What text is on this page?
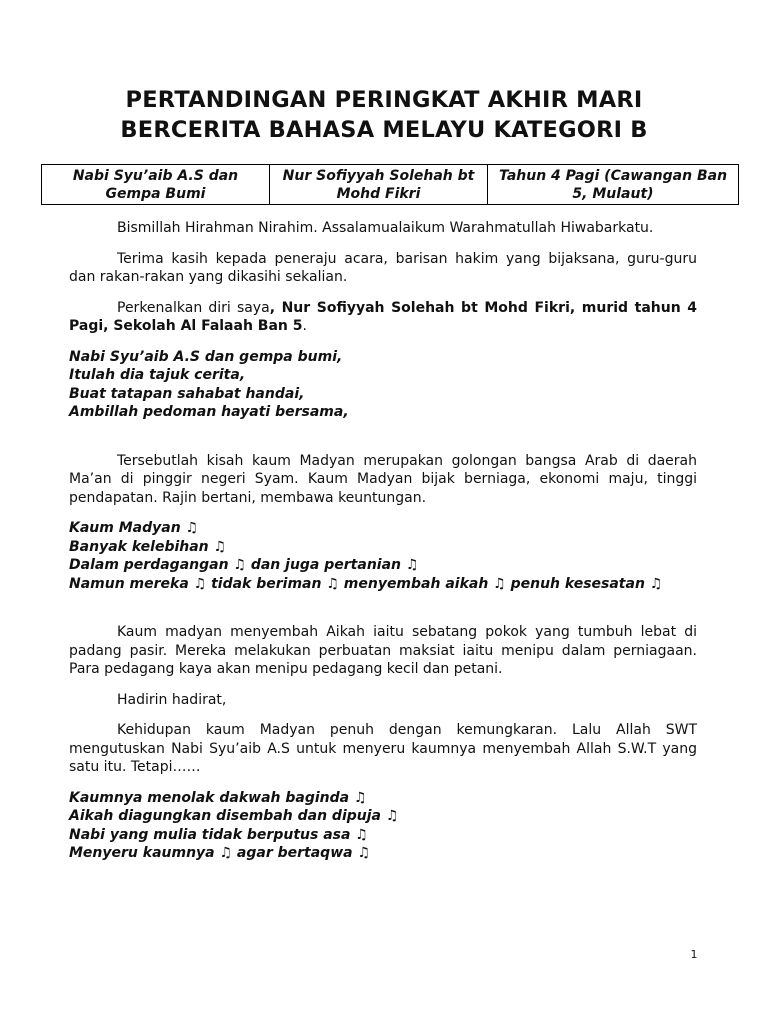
PERTANDINGAN PERINGKAT AKHIR MARI
BERCERITA BAHASA MELAYU KATEGORI B
Nabi Syu’aib A.S dan Gempa Bumi	Nur Sofiyyah Solehah bt Mohd Fikri	Tahun 4 Pagi (Cawangan Ban 5, Mulaut)

Bismillah Hirahman Nirahim. Assalamualaikum Warahmatullah Hiwabarkatu.

Terima kasih kepada peneraju acara, barisan hakim yang bijaksana, guru-guru dan rakan-rakan yang dikasihi sekalian.

Perkenalkan diri saya, Nur Sofiyyah Solehah bt Mohd Fikri, murid tahun 4 Pagi, Sekolah Al Falaah Ban 5.

Nabi Syu’aib A.S dan gempa bumi,
Itulah dia tajuk cerita,
Buat tatapan sahabat handai,
Ambillah pedoman hayati bersama,

Tersebutlah kisah kaum Madyan merupakan golongan bangsa Arab di daerah Ma’an di pinggir negeri Syam. Kaum Madyan bijak berniaga, ekonomi maju, tinggi pendapatan. Rajin bertani, membawa keuntungan.

Kaum Madyan ♫
Banyak kelebihan ♫
Dalam perdagangan ♫ dan juga pertanian ♫
Namun mereka ♫ tidak beriman ♫ menyembah aikah ♫ penuh kesesatan ♫

Kaum madyan menyembah Aikah iaitu sebatang pokok yang tumbuh lebat di padang pasir. Mereka melakukan perbuatan maksiat iaitu menipu dalam perniagaan. Para pedagang kaya akan menipu pedagang kecil dan petani.

Hadirin hadirat,

Kehidupan kaum Madyan penuh dengan kemungkaran. Lalu Allah SWT mengutuskan Nabi Syu’aib A.S untuk menyeru kaumnya menyembah Allah S.W.T yang satu itu. Tetapi……

Kaumnya menolak dakwah baginda ♫
Aikah diagungkan disembah dan dipuja ♫
Nabi yang mulia tidak berputus asa ♫
Menyeru kaumnya ♫ agar bertaqwa ♫
1
